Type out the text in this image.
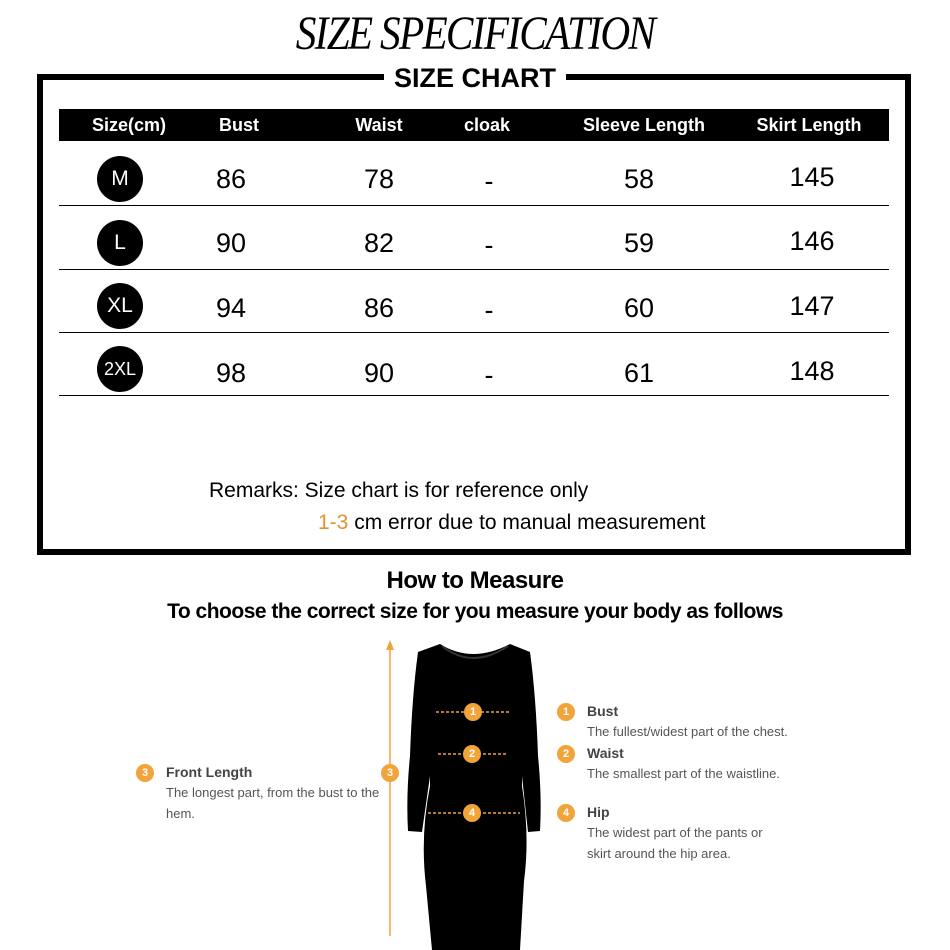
SIZE SPECIFICATION
SIZE CHART
Size(cm)	Bust	Waist	cloak	Sleeve Length	Skirt Length
M	86	78	-	58	145
L	90	82	-	59	146
XL	94	86	-	60	147
2XL	98	90	-	61	148
Remarks: Size chart is for reference only
1-3 cm error due to manual measurement
How to Measure
To choose the correct size for you measure your body as follows
1
2
3
4
1	Bust
The fullest/widest part of the chest.
2	Waist
The smallest part of the waistline.
3	Front Length
The longest part, from the bust to the hem.	4	Hip
The widest part of the pants or skirt around the hip area.
